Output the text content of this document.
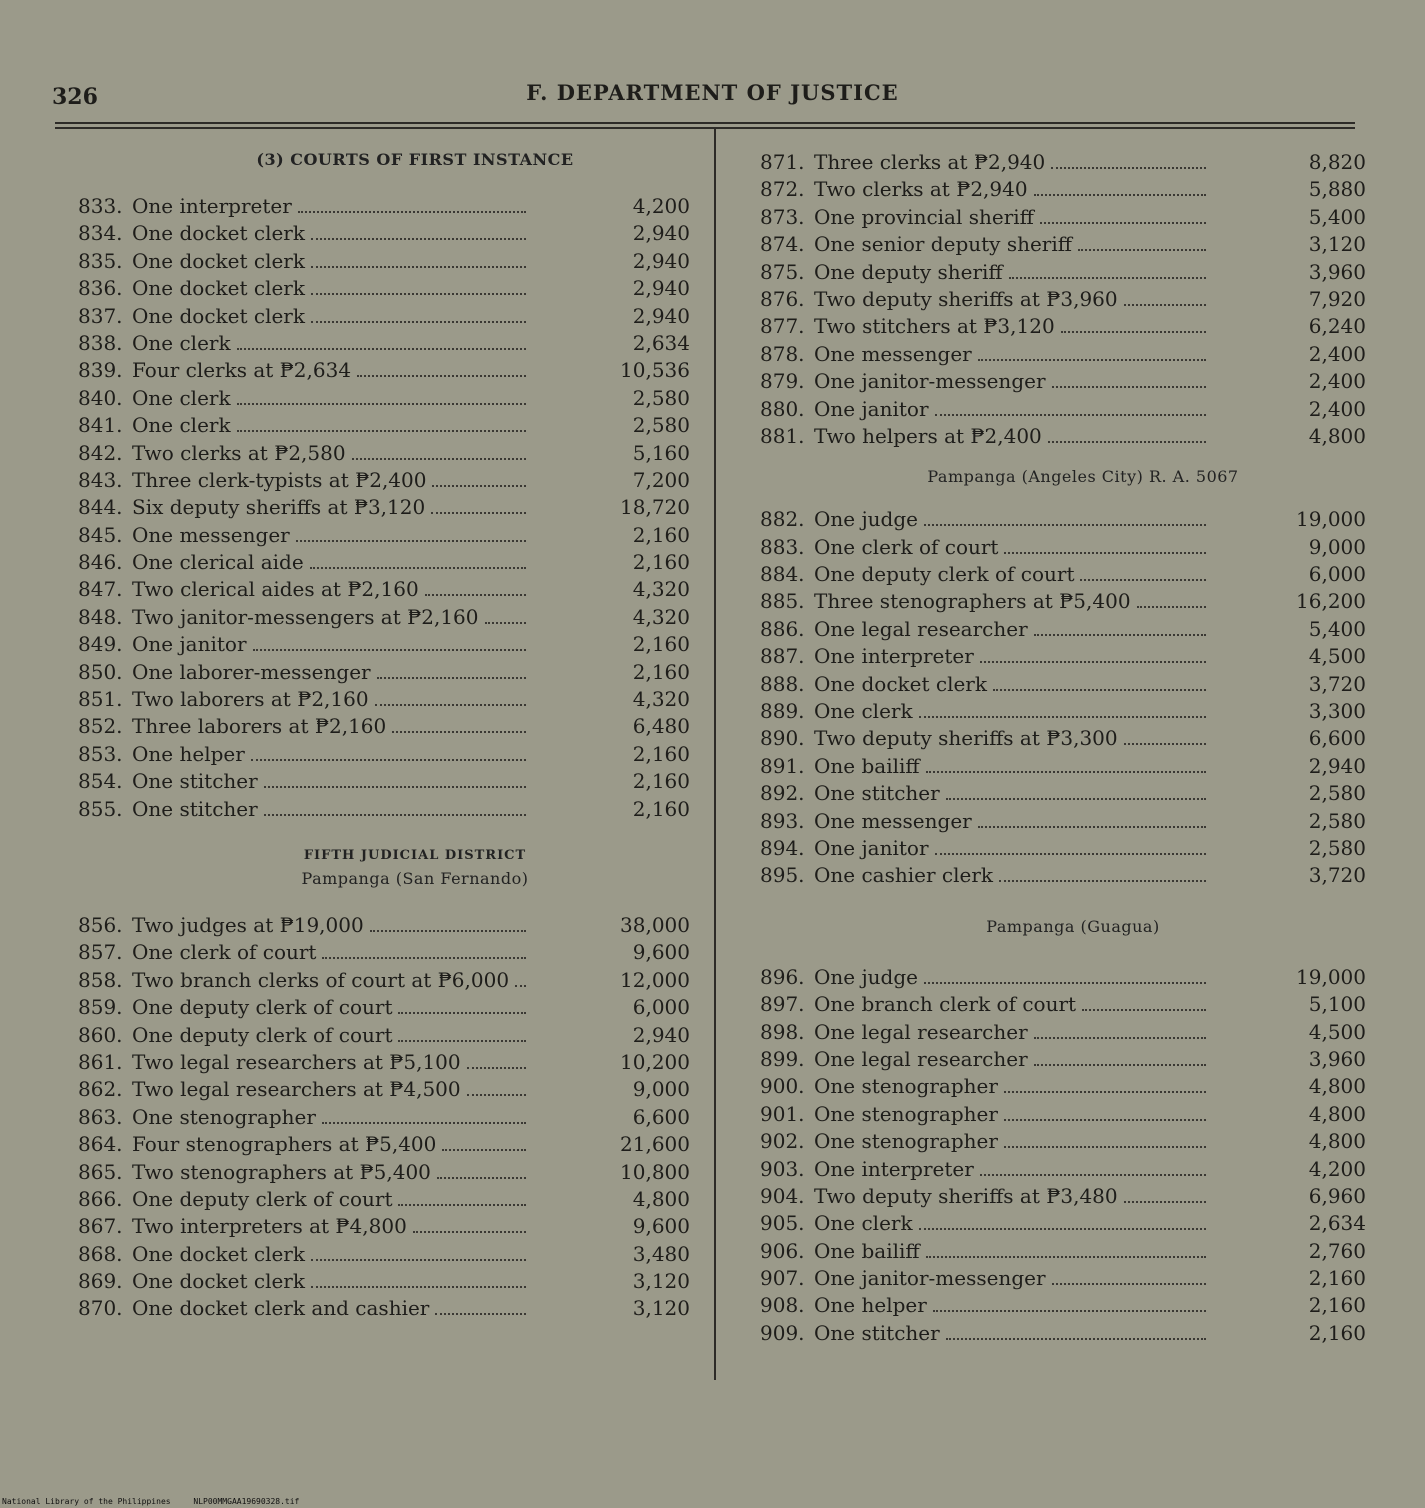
326	F. DEPARTMENT OF JUSTICE
(3) COURTS OF FIRST INSTANCE
833. One interpreter	4,200
834. One docket clerk	2,940
835. One docket clerk	2,940
836. One docket clerk	2,940
837. One docket clerk	2,940
838. One clerk	2,634
839. Four clerks at ₱2,634	10,536
840. One clerk	2,580
841. One clerk	2,580
842. Two clerks at ₱2,580	5,160
843. Three clerk-typists at ₱2,400	7,200
844. Six deputy sheriffs at ₱3,120	18,720
845. One messenger	2,160
846. One clerical aide	2,160
847. Two clerical aides at ₱2,160	4,320
848. Two janitor-messengers at ₱2,160	4,320
849. One janitor	2,160
850. One laborer-messenger	2,160
851. Two laborers at ₱2,160	4,320
852. Three laborers at ₱2,160	6,480
853. One helper	2,160
854. One stitcher	2,160
855. One stitcher	2,160
FIFTH JUDICIAL DISTRICT
Pampanga (San Fernando)
856. Two judges at ₱19,000	38,000
857. One clerk of court	9,600
858. Two branch clerks of court at ₱6,000	12,000
859. One deputy clerk of court	6,000
860. One deputy clerk of court	2,940
861. Two legal researchers at ₱5,100	10,200
862. Two legal researchers at ₱4,500	9,000
863. One stenographer	6,600
864. Four stenographers at ₱5,400	21,600
865. Two stenographers at ₱5,400	10,800
866. One deputy clerk of court	4,800
867. Two interpreters at ₱4,800	9,600
868. One docket clerk	3,480
869. One docket clerk	3,120
870. One docket clerk and cashier	3,120
871. Three clerks at ₱2,940	8,820
872. Two clerks at ₱2,940	5,880
873. One provincial sheriff	5,400
874. One senior deputy sheriff	3,120
875. One deputy sheriff	3,960
876. Two deputy sheriffs at ₱3,960	7,920
877. Two stitchers at ₱3,120	6,240
878. One messenger	2,400
879. One janitor-messenger	2,400
880. One janitor	2,400
881. Two helpers at ₱2,400	4,800
Pampanga (Angeles City) R. A. 5067
882. One judge	19,000
883. One clerk of court	9,000
884. One deputy clerk of court	6,000
885. Three stenographers at ₱5,400	16,200
886. One legal researcher	5,400
887. One interpreter	4,500
888. One docket clerk	3,720
889. One clerk	3,300
890. Two deputy sheriffs at ₱3,300	6,600
891. One bailiff	2,940
892. One stitcher	2,580
893. One messenger	2,580
894. One janitor	2,580
895. One cashier clerk	3,720
Pampanga (Guagua)
896. One judge	19,000
897. One branch clerk of court	5,100
898. One legal researcher	4,500
899. One legal researcher	3,960
900. One stenographer	4,800
901. One stenographer	4,800
902. One stenographer	4,800
903. One interpreter	4,200
904. Two deputy sheriffs at ₱3,480	6,960
905. One clerk	2,634
906. One bailiff	2,760
907. One janitor-messenger	2,160
908. One helper	2,160
909. One stitcher	2,160
National Library of the Philippines	NLP00MMGAA19690328.tif
